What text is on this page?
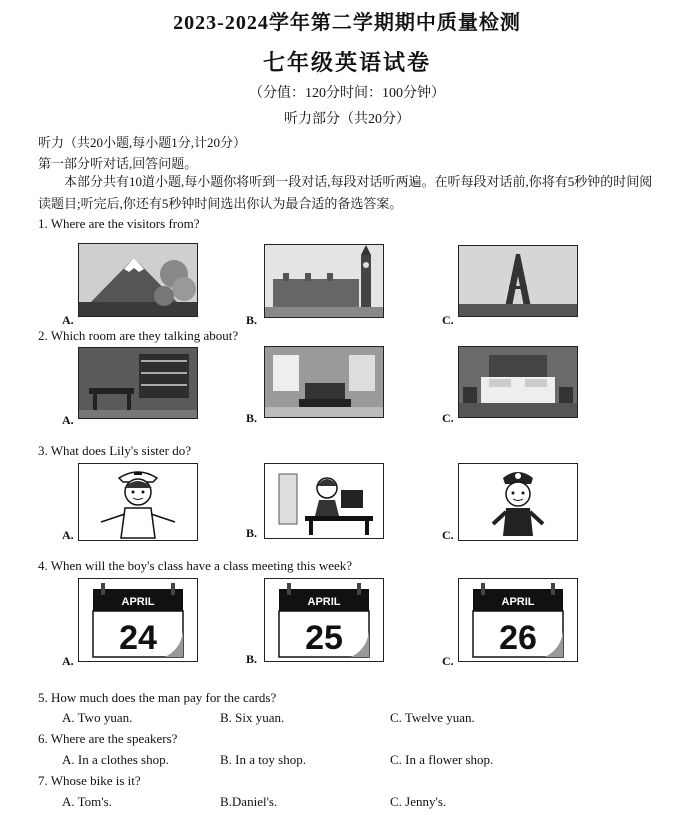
2023-2024学年第二学期期中质量检测
七年级英语试卷
（分值：120分时间：100分钟）
听力部分（共20分）
听力（共20小题,每小题1分,计20分）
第一部分听对话,回答问题。
本部分共有10道小题,每小题你将听到一段对话,每段对话听两遍。在听每段对话前,你将有5秒钟的时间阅读题目;听完后,你还有5秒钟时间选出你认为最合适的备选答案。
1. Where are the visitors from?
A.	B.	C.
2. Which room are they talking about?
A.	B.	C.
3. What does Lily's sister do?
A.	B.	C.
4. When will the boy's class have a class meeting this week?
A.
APRIL
24
B.
APRIL
25
C.
APRIL
26
5. How much does the man pay for the cards?
A. Two yuan.	B. Six yuan.	C. Twelve yuan.
6. Where are the speakers?
A. In a clothes shop.	B. In a toy shop.	C. In a flower shop.
7. Whose bike is it?
A. Tom's.	B.Daniel's.	C. Jenny's.
